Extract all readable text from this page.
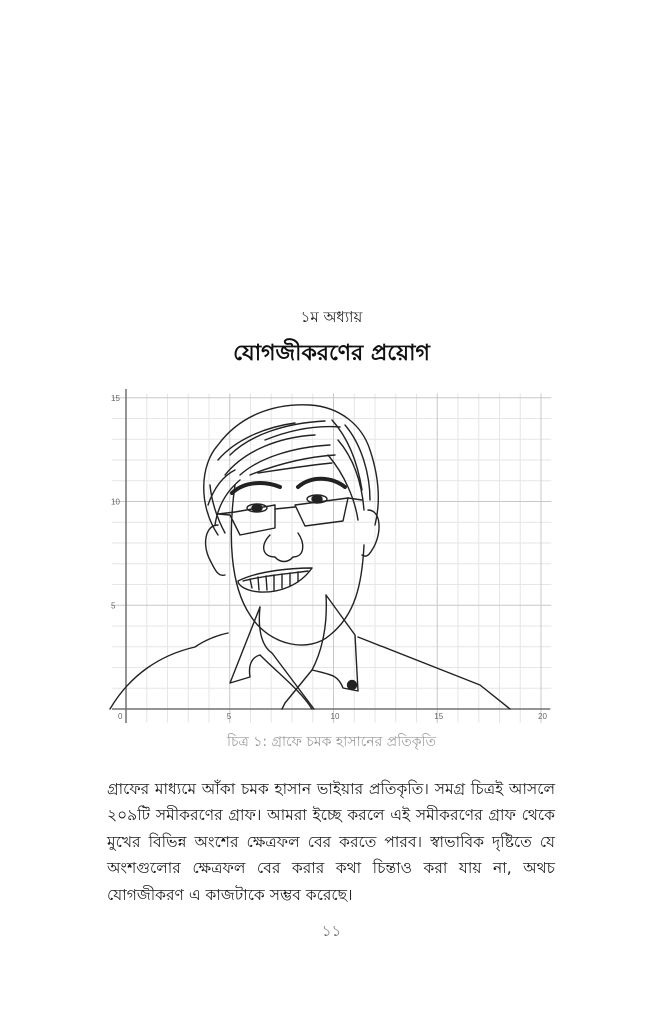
১ম অধ্যায়
যোগজীকরণের প্রয়োগ
0	5	10	15	20
5
10
15
চিত্র ১: গ্রাফে চমক হাসানের প্রতিকৃতি

গ্রাফের মাধ্যমে আঁকা চমক হাসান ভাইয়ার প্রতিকৃতি। সমগ্র চিত্রই আসলে ২০৯টি সমীকরণের গ্রাফ। আমরা ইচ্ছে করলে এই সমীকরণের গ্রাফ থেকে মুখের বিভিন্ন অংশের ক্ষেত্রফল বের করতে পারব। স্বাভাবিক দৃষ্টিতে যে অংশগুলোর ক্ষেত্রফল বের করার কথা চিন্তাও করা যায় না, অথচ যোগজীকরণ এ কাজটাকে সম্ভব করেছে।

১১
